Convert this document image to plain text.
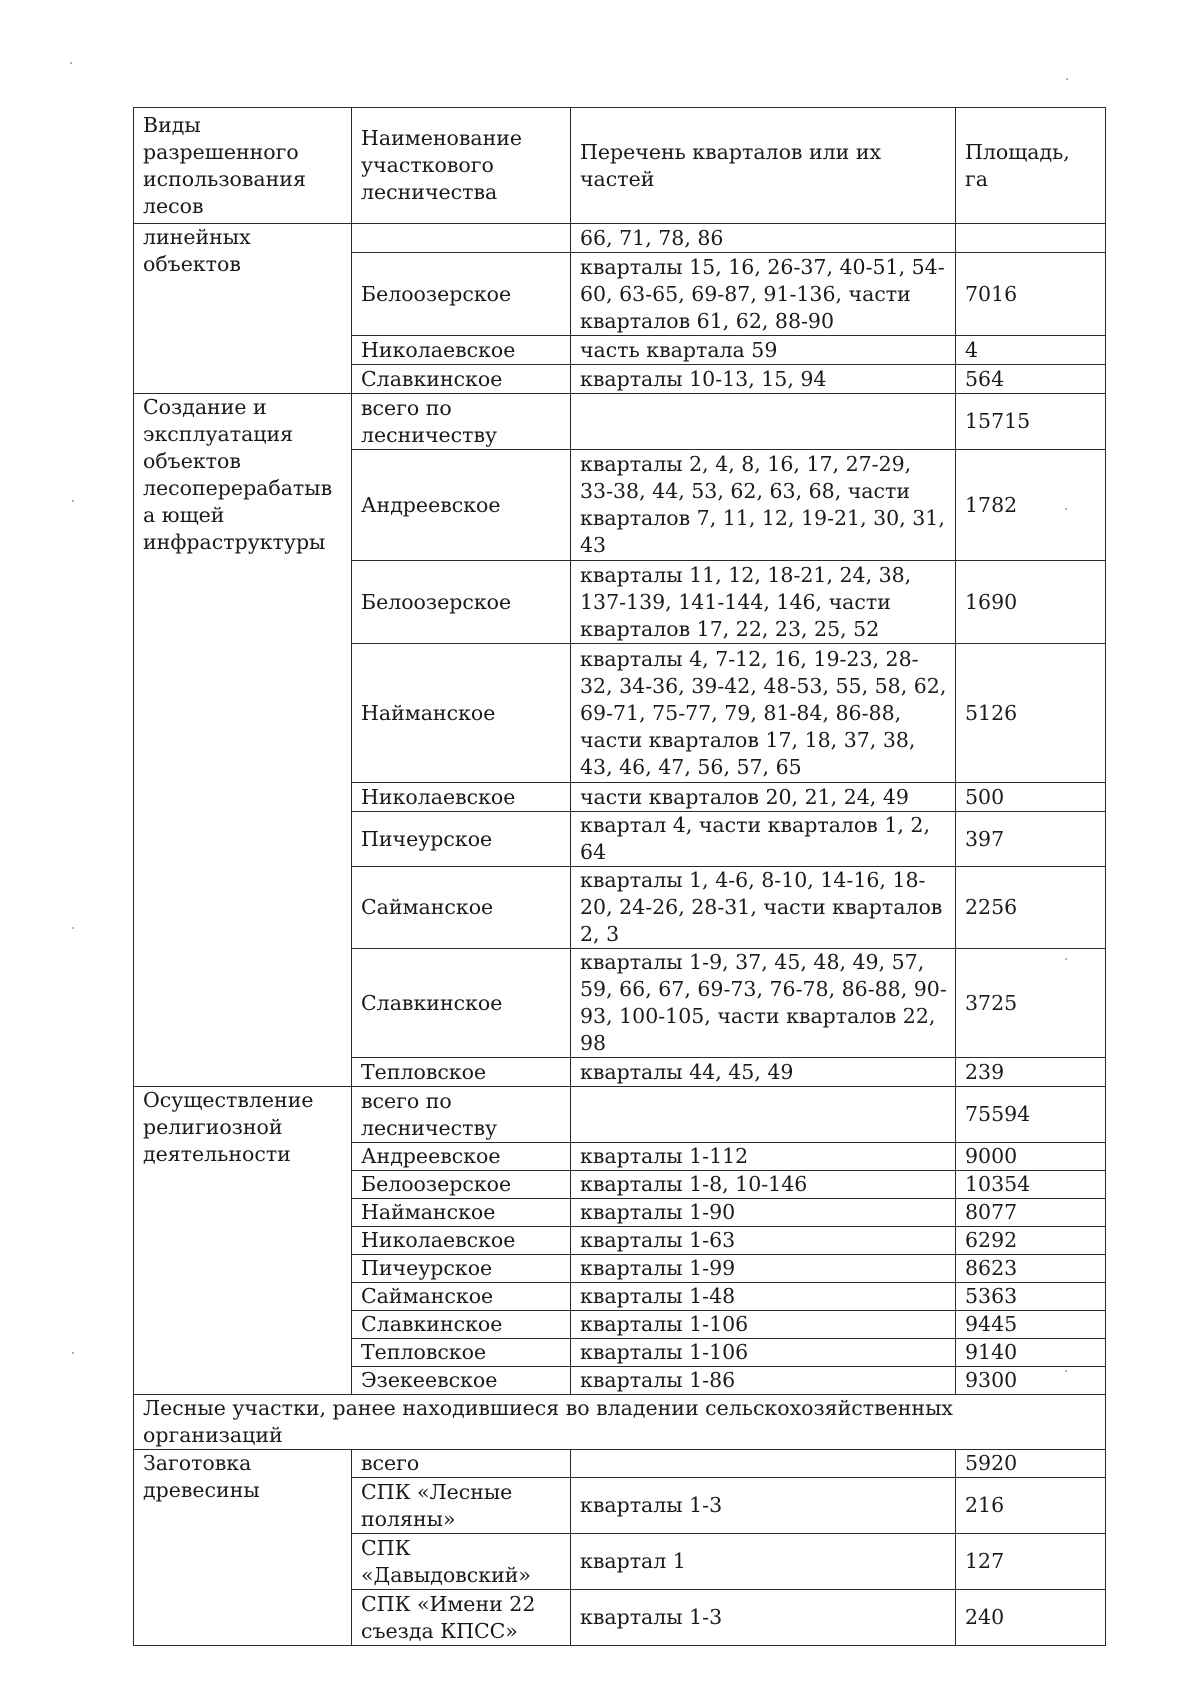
Виды разрешенного использования лесов	Наименование участкового лесничества	Перечень кварталов или их частей	Площадь, га
линейных объектов		66, 71, 78, 86	
	Белоозерское	кварталы 15, 16, 26-37, 40-51, 54-60, 63-65, 69-87, 91-136, части кварталов 61, 62, 88-90	7016
	Николаевское	часть квартала 59	4
	Славкинское	кварталы 10-13, 15, 94	564
Создание и эксплуатация объектов лесоперерабатыва ющей инфраструктуры	всего по лесничеству		15715
	Андреевское	кварталы 2, 4, 8, 16, 17, 27-29, 33-38, 44, 53, 62, 63, 68, части кварталов 7, 11, 12, 19-21, 30, 31, 43	1782
	Белоозерское	кварталы 11, 12, 18-21, 24, 38, 137-139, 141-144, 146, части кварталов 17, 22, 23, 25, 52	1690
	Найманское	кварталы 4, 7-12, 16, 19-23, 28-32, 34-36, 39-42, 48-53, 55, 58, 62, 69-71, 75-77, 79, 81-84, 86-88, части кварталов 17, 18, 37, 38, 43, 46, 47, 56, 57, 65	5126
	Николаевское	части кварталов 20, 21, 24, 49	500
	Пичеурское	квартал 4, части кварталов 1, 2, 64	397
	Сайманское	кварталы 1, 4-6, 8-10, 14-16, 18-20, 24-26, 28-31, части кварталов 2, 3	2256
	Славкинское	кварталы 1-9, 37, 45, 48, 49, 57, 59, 66, 67, 69-73, 76-78, 86-88, 90-93, 100-105, части кварталов 22, 98	3725
	Тепловское	кварталы 44, 45, 49	239
Осуществление религиозной деятельности	всего по лесничеству		75594
	Андреевское	кварталы 1-112	9000
	Белоозерское	кварталы 1-8, 10-146	10354
	Найманское	кварталы 1-90	8077
	Николаевское	кварталы 1-63	6292
	Пичеурское	кварталы 1-99	8623
	Сайманское	кварталы 1-48	5363
	Славкинское	кварталы 1-106	9445
	Тепловское	кварталы 1-106	9140
	Эзекеевское	кварталы 1-86	9300
Лесные участки, ранее находившиеся во владении сельскохозяйственных организаций			
Заготовка древесины	всего		5920
	СПК «Лесные поляны»	кварталы 1-3	216
	СПК «Давыдовский»	квартал 1	127
	СПК «Имени 22 съезда КПСС»	кварталы 1-3	240
